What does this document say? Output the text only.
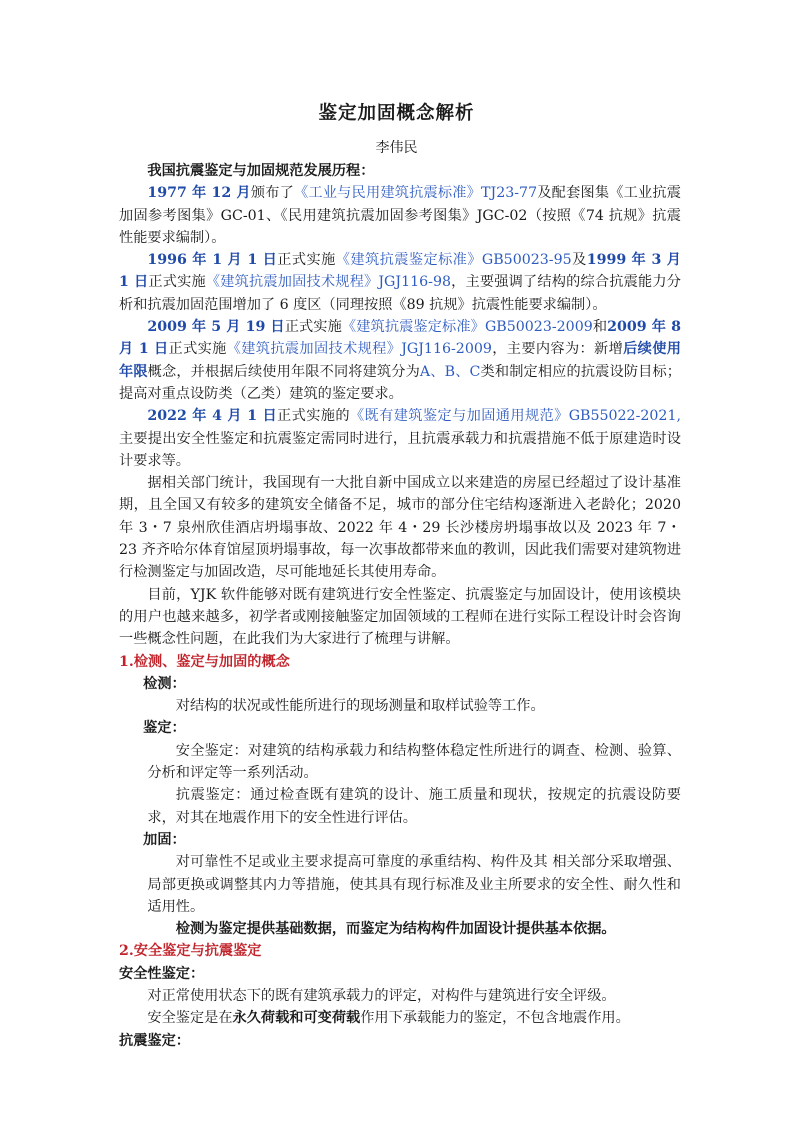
鉴定加固概念解析
李伟民

我国抗震鉴定与加固规范发展历程：

1977 年 12 月颁布了《工业与民用建筑抗震标准》TJ23-77及配套图集《工业抗震加固参考图集》GC-01、《民用建筑抗震加固参考图集》JGC-02（按照《74 抗规》抗震性能要求编制）。

1996 年 1 月 1 日正式实施《建筑抗震鉴定标准》GB50023-95及1999 年 3 月 1 日正式实施《建筑抗震加固技术规程》JGJ116-98，主要强调了结构的综合抗震能力分析和抗震加固范围增加了 6 度区（同理按照《89 抗规》抗震性能要求编制）。

2009 年 5 月 19 日正式实施《建筑抗震鉴定标准》GB50023-2009和2009 年 8 月 1 日正式实施《建筑抗震加固技术规程》JGJ116-2009，主要内容为：新增后续使用年限概念，并根据后续使用年限不同将建筑分为A、B、C类和制定相应的抗震设防目标；提高对重点设防类（乙类）建筑的鉴定要求。

2022 年 4 月 1 日正式实施的《既有建筑鉴定与加固通用规范》GB55022-2021,主要提出安全性鉴定和抗震鉴定需同时进行，且抗震承载力和抗震措施不低于原建造时设计要求等。

据相关部门统计，我国现有一大批自新中国成立以来建造的房屋已经超过了设计基准期，且全国又有较多的建筑安全储备不足，城市的部分住宅结构逐渐进入老龄化；2020 年 3・7 泉州欣佳酒店坍塌事故、2022 年 4・29 长沙楼房坍塌事故以及 2023 年 7・23 齐齐哈尔体育馆屋顶坍塌事故，每一次事故都带来血的教训，因此我们需要对建筑物进行检测鉴定与加固改造，尽可能地延长其使用寿命。

目前，YJK 软件能够对既有建筑进行安全性鉴定、抗震鉴定与加固设计，使用该模块的用户也越来越多，初学者或刚接触鉴定加固领域的工程师在进行实际工程设计时会咨询一些概念性问题，在此我们为大家进行了梳理与讲解。

1.检测、鉴定与加固的概念

检测：

对结构的状况或性能所进行的现场测量和取样试验等工作。

鉴定：

安全鉴定：对建筑的结构承载力和结构整体稳定性所进行的调查、检测、验算、分析和评定等一系列活动。

抗震鉴定：通过检查既有建筑的设计、施工质量和现状，按规定的抗震设防要求，对其在地震作用下的安全性进行评估。

加固：

对可靠性不足或业主要求提高可靠度的承重结构、构件及其 相关部分采取增强、局部更换或调整其内力等措施，使其具有现行标准及业主所要求的安全性、耐久性和适用性。

检测为鉴定提供基础数据，而鉴定为结构构件加固设计提供基本依据。

2.安全鉴定与抗震鉴定

安全性鉴定：

对正常使用状态下的既有建筑承载力的评定，对构件与建筑进行安全评级。

安全鉴定是在永久荷载和可变荷载作用下承载能力的鉴定，不包含地震作用。

抗震鉴定：
